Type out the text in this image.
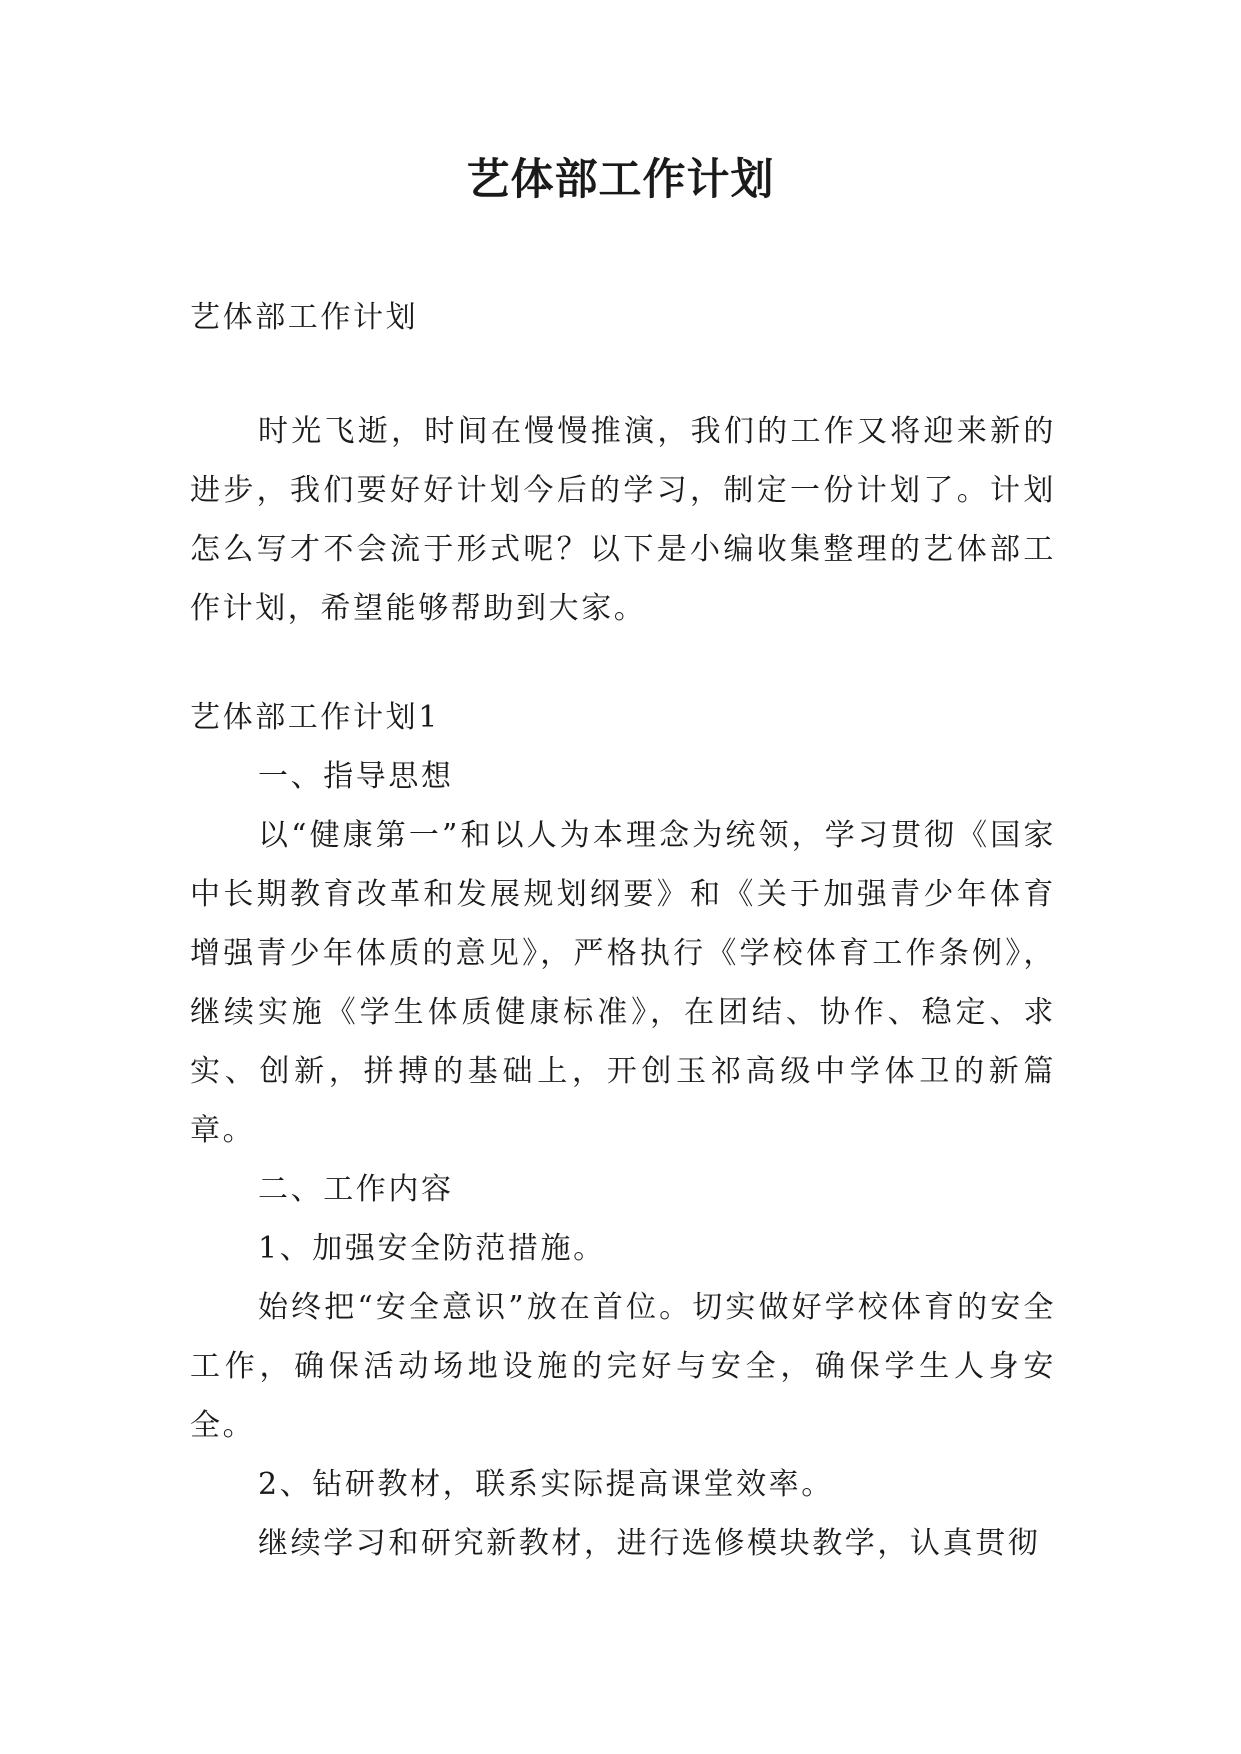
艺体部工作计划

艺体部工作计划

时光飞逝，时间在慢慢推演，我们的工作又将迎来新的进步，我们要好好计划今后的学习，制定一份计划了。计划怎么写才不会流于形式呢？以下是小编收集整理的艺体部工作计划，希望能够帮助到大家。

艺体部工作计划1

一、指导思想

以“健康第一”和以人为本理念为统领，学习贯彻《国家中长期教育改革和发展规划纲要》和《关于加强青少年体育增强青少年体质的意见》，严格执行《学校体育工作条例》，继续实施《学生体质健康标准》，在团结、协作、稳定、求实、创新，拼搏的基础上，开创玉祁高级中学体卫的新篇章。

二、工作内容

1、加强安全防范措施。

始终把“安全意识”放在首位。切实做好学校体育的安全工作，确保活动场地设施的完好与安全，确保学生人身安全。

2、钻研教材，联系实际提高课堂效率。

继续学习和研究新教材，进行选修模块教学，认真贯彻
